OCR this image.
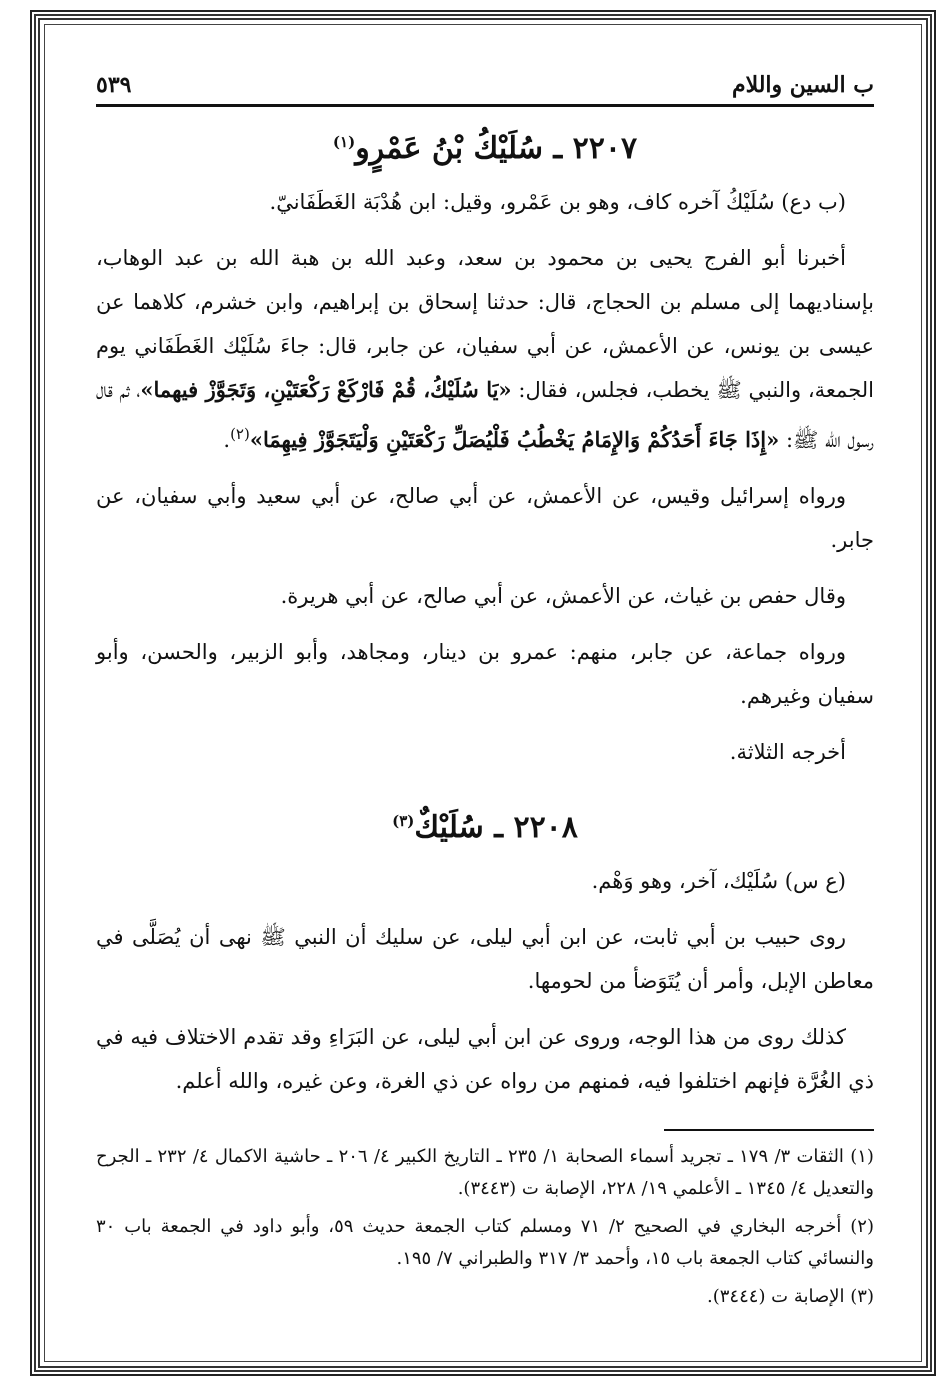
ب السين واللام
٥٣٩
٢٢٠٧ ـ سُلَيْكُ بْنُ عَمْرٍو$^{(١)}$

(ب دع) سُلَيْكُ آخره كاف، وهو بن عَمْرو، وقيل: ابن هُدْبَة الغَطَفَانيّ.

أخبرنا أبو الفرج يحيى بن محمود بن سعد، وعبد الله بن هبة الله بن عبد الوهاب، بإسناديهما إلى مسلم بن الحجاج، قال: حدثنا إسحاق بن إبراهيم، وابن خشرم، كلاهما عن عيسى بن يونس، عن الأعمش، عن أبي سفيان، عن جابر، قال: جاءَ سُلَيْك الغَطَفَاني يوم الجمعة، والنبي ﷺ يخطب، فجلس، فقال: «يَا سُلَيْكُ، قُمْ فَارْكَعْ رَكْعَتَيْنِ، وَتَجَوَّزْ فيهما»، ثم قال رسول الله ﷺ: «إِذَا جَاءَ أَحَدُكُمْ وَالإِمَامُ يَخْطُبُ فَلْيُصَلِّ رَكْعَتَيْنِ وَلْيَتَجَوَّزْ فِيهِمَا»$^{(٢)}$.

ورواه إسرائيل وقيس، عن الأعمش، عن أبي صالح، عن أبي سعيد وأبي سفيان، عن جابر.

وقال حفص بن غياث، عن الأعمش، عن أبي صالح، عن أبي هريرة.

ورواه جماعة، عن جابر، منهم: عمرو بن دينار، ومجاهد، وأبو الزبير، والحسن، وأبو سفيان وغيرهم.

أخرجه الثلاثة.

٢٢٠٨ ـ سُلَيْكٌ$^{(٣)}$

(ع س) سُلَيْك، آخر، وهو وَهْم.

روى حبيب بن أبي ثابت، عن ابن أبي ليلى، عن سليك أن النبي ﷺ نهى أن يُصَلَّى في معاطن الإبل، وأمر أن يُتَوَضأ من لحومها.

كذلك روى من هذا الوجه، وروى عن ابن أبي ليلى، عن البَرَاءِ وقد تقدم الاختلاف فيه في ذي الغُرَّة فإنهم اختلفوا فيه، فمنهم من رواه عن ذي الغرة، وعن غيره، والله أعلم.

(١) الثقات ٣/ ١٧٩ ـ تجريد أسماء الصحابة ١/ ٢٣٥ ـ التاريخ الكبير ٤/ ٢٠٦ ـ حاشية الاكمال ٤/ ٢٣٢ ـ الجرح والتعديل ٤/ ١٣٤٥ ـ الأعلمي ١٩/ ٢٢٨، الإصابة ت (٣٤٤٣).

(٢) أخرجه البخاري في الصحيح ٢/ ٧١ ومسلم كتاب الجمعة حديث ٥٩، وأبو داود في الجمعة باب ٣٠ والنسائي كتاب الجمعة باب ١٥، وأحمد ٣/ ٣١٧ والطبراني ٧/ ١٩٥.

(٣) الإصابة ت (٣٤٤٤).
